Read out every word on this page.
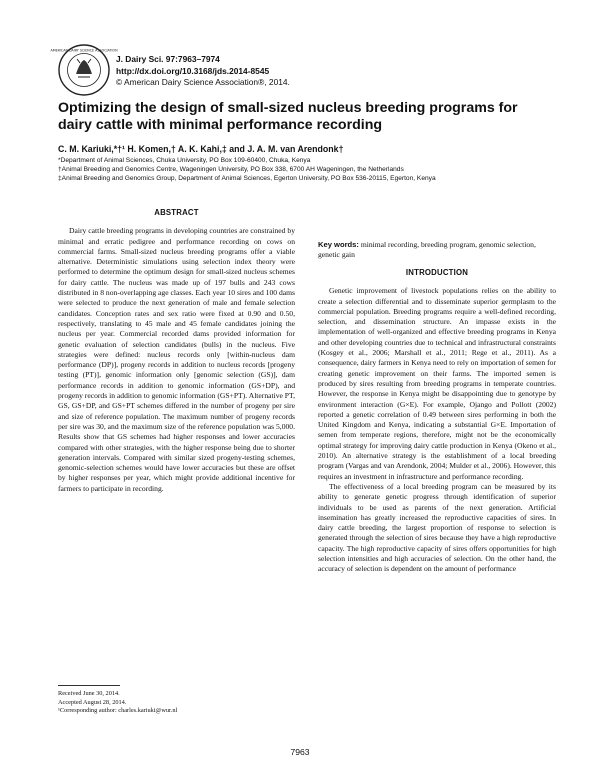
AMERICAN DAIRY SCIENCE ASSOCIATION
J. Dairy Sci. 97:7963–7974
http://dx.doi.org/10.3168/jds.2014-8545
© American Dairy Science Association®, 2014.
Optimizing the design of small-sized nucleus breeding programs for dairy cattle with minimal performance recording
C. M. Kariuki,*†¹ H. Komen,† A. K. Kahi,‡ and J. A. M. van Arendonk†
*Department of Animal Sciences, Chuka University, PO Box 109-60400, Chuka, Kenya
†Animal Breeding and Genomics Centre, Wageningen University, PO Box 338, 6700 AH Wageningen, the Netherlands
‡Animal Breeding and Genomics Group, Department of Animal Sciences, Egerton University, PO Box 536-20115, Egerton, Kenya
ABSTRACT

Dairy cattle breeding programs in developing countries are constrained by minimal and erratic pedigree and performance recording on cows on commercial farms. Small-sized nucleus breeding programs offer a viable alternative. Deterministic simulations using selection index theory were performed to determine the optimum design for small-sized nucleus schemes for dairy cattle. The nucleus was made up of 197 bulls and 243 cows distributed in 8 non-overlapping age classes. Each year 10 sires and 100 dams were selected to produce the next generation of male and female selection candidates. Conception rates and sex ratio were fixed at 0.90 and 0.50, respectively, translating to 45 male and 45 female candidates joining the nucleus per year. Commercial recorded dams provided information for genetic evaluation of selection candidates (bulls) in the nucleus. Five strategies were defined: nucleus records only [within-nucleus dam performance (DP)], progeny records in addition to nucleus records [progeny testing (PT)], genomic information only [genomic selection (GS)], dam performance records in addition to genomic information (GS+DP), and progeny records in addition to genomic information (GS+PT). Alternative PT, GS, GS+DP, and GS+PT schemes differed in the number of progeny per sire and size of reference population. The maximum number of progeny records per sire was 30, and the maximum size of the reference population was 5,000. Results show that GS schemes had higher responses and lower accuracies compared with other strategies, with the higher response being due to shorter generation intervals. Compared with similar sized progeny-testing schemes, genomic-selection schemes would have lower accuracies but these are offset by higher responses per year, which might provide additional incentive for farmers to participate in recording.

Key words: minimal recording, breeding program, genomic selection, genetic gain
INTRODUCTION

Genetic improvement of livestock populations relies on the ability to create a selection differential and to disseminate superior germplasm to the commercial population. Breeding programs require a well-defined recording, selection, and dissemination structure. An impasse exists in the implementation of well-organized and effective breeding programs in Kenya and other developing countries due to technical and infrastructural constraints (Kosgey et al., 2006; Marshall et al., 2011; Rege et al., 2011). As a consequence, dairy farmers in Kenya need to rely on importation of semen for creating genetic improvement on their farms. The imported semen is produced by sires resulting from breeding programs in temperate countries. However, the response in Kenya might be disappointing due to genotype by environment interaction (G×E). For example, Ojango and Pollott (2002) reported a genetic correlation of 0.49 between sires performing in both the United Kingdom and Kenya, indicating a substantial G×E. Importation of semen from temperate regions, therefore, might not be the economically optimal strategy for improving dairy cattle production in Kenya (Okeno et al., 2010). An alternative strategy is the establishment of a local breeding program (Vargas and van Arendonk, 2004; Mulder et al., 2006). However, this requires an investment in infrastructure and performance recording.

The effectiveness of a local breeding program can be measured by its ability to generate genetic progress through identification of superior individuals to be used as parents of the next generation. Artificial insemination has greatly increased the reproductive capacities of sires. In dairy cattle breeding, the largest proportion of response to selection is generated through the selection of sires because they have a high reproductive capacity. The high reproductive capacity of sires offers opportunities for high selection intensities and high accuracies of selection. On the other hand, the accuracy of selection is dependent on the amount of performance

Received June 30, 2014.
Accepted August 28, 2014.
¹Corresponding author: charles.kariuki@wur.nl
7963
